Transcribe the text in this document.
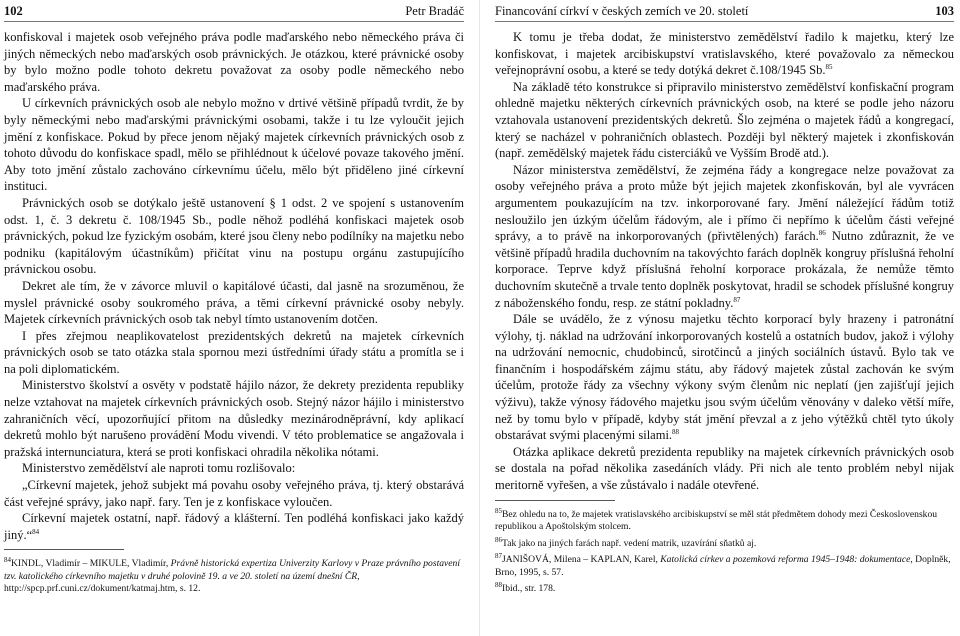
102	Petr Bradáč

konfiskoval i majetek osob veřejného práva podle maďarského nebo německého práva či jiných německých nebo maďarských osob právnických. Je otázkou, které právnické osoby by bylo možno podle tohoto dekretu považovat za osoby podle německého nebo maďarského práva.

U církevních právnických osob ale nebylo možno v drtivé většině případů tvrdit, že by byly německými nebo maďarskými právnickými osobami, takže i tu lze vyloučit jejich jmění z konfiskace. Pokud by přece jenom nějaký majetek církevních právnických osob z tohoto důvodu do konfiskace spadl, mělo se přihlédnout k účelové povaze takového jmění. Aby toto jmění zůstalo zachováno církevnímu účelu, mělo být přiděleno jiné církevní instituci.

Právnických osob se dotýkalo ještě ustanovení § 1 odst. 2 ve spojení s ustanovením odst. 1, č. 3 dekretu č. 108/1945 Sb., podle něhož podléhá konfiskaci majetek osob právnických, pokud lze fyzickým osobám, které jsou členy nebo podílníky na majetku nebo podniku (kapitálovým účastníkům) přičítat vinu na postupu orgánu zastupujícího právnickou osobu.

Dekret ale tím, že v závorce mluvil o kapitálové účasti, dal jasně na srozuměnou, že myslel právnické osoby soukromého práva, a těmi církevní právnické osoby nebyly. Majetek církevních právnických osob tak nebyl tímto ustanovením dotčen.

I přes zřejmou neaplikovatelost prezidentských dekretů na majetek církevních právnických osob se tato otázka stala spornou mezi ústředními úřady státu a promítla se i na poli diplomatickém.

Ministerstvo školství a osvěty v podstatě hájilo názor, že dekrety prezidenta republiky nelze vztahovat na majetek církevních právnických osob. Stejný názor hájilo i ministerstvo zahraničních věcí, upozorňující přitom na důsledky mezinárodněprávní, kdy aplikací dekretů mohlo být narušeno provádění Modu vivendi. V této problematice se angažovala i pražská internunciatura, která se proti konfiskaci ohradila několika nótami.

Ministerstvo zemědělství ale naproti tomu rozlišovalo:

„Církevní majetek, jehož subjekt má povahu osoby veřejného práva, tj. který obstarává část veřejné správy, jako např. fary. Ten je z konfiskace vyloučen.

Církevní majetek ostatní, např. řádový a klášterní. Ten podléhá konfiskaci jako každý jiný.“$^{84}$

$^{84}$KINDL, Vladimír – MIKULE, Vladimír, Právně historická expertiza Univerzity Karlovy v Praze právního postavení tzv. katolického církevního majetku v druhé polovině 19. a ve 20. století na území dnešní ČR, http://spcp.prf.cuni.cz/dokument/katmaj.htm, s. 12.
Financování církví v českých zemích ve 20. století	103

K tomu je třeba dodat, že ministerstvo zemědělství řadilo k majetku, který lze konfiskovat, i majetek arcibiskupství vratislavského, které považovalo za německou veřejnoprávní osobu, a které se tedy dotýká dekret č.108/1945 Sb.$^{85}$

Na základě této konstrukce si připravilo ministerstvo zemědělství konfiskační program ohledně majetku některých církevních právnických osob, na které se podle jeho názoru vztahovala ustanovení prezidentských dekretů. Šlo zejména o majetek řádů a kongregací, který se nacházel v pohraničních oblastech. Později byl některý majetek i zkonfiskován (např. zemědělský majetek řádu cisterciáků ve Vyšším Brodě atd.).

Názor ministerstva zemědělství, že zejména řády a kongregace nelze považovat za osoby veřejného práva a proto může být jejich majetek zkonfiskován, byl ale vyvrácen argumentem poukazujícím na tzv. inkorporované fary. Jmění náležející řádům totiž nesloužilo jen úzkým účelům řádovým, ale i přímo či nepřímo k účelům části veřejné správy, a to právě na inkorporovaných (přivtělených) farách.$^{86}$ Nutno zdůraznit, že ve většině případů hradila duchovním na takovýchto farách doplněk kongruy příslušná řeholní korporace. Teprve když příslušná řeholní korporace prokázala, že nemůže těmto duchovním skutečně a trvale tento doplněk poskytovat, hradil se schodek příslušné kongruy z náboženského fondu, resp. ze státní pokladny.$^{87}$

Dále se uvádělo, že z výnosu majetku těchto korporací byly hrazeny i patronátní výlohy, tj. náklad na udržování inkorporovaných kostelů a ostatních budov, jakož i výlohy na udržování nemocnic, chudobinců, sirotčinců a jiných sociálních ústavů. Bylo tak ve finančním i hospodářském zájmu státu, aby řádový majetek zůstal zachován ke svým účelům, protože řády za všechny výkony svým členům nic neplatí (jen zajišťují jejich výživu), takže výnosy řádového majetku jsou svým účelům věnovány v daleko větší míře, než by tomu bylo v případě, kdyby stát jmění převzal a z jeho výtěžků chtěl tyto úkoly obstarávat svými placenými silami.$^{88}$

Otázka aplikace dekretů prezidenta republiky na majetek církevních právnických osob se dostala na pořad několika zasedáních vlády. Při nich ale tento problém nebyl nijak meritorně vyřešen, a vše zůstávalo i nadále otevřené.

$^{85}$Bez ohledu na to, že majetek vratislavského arcibiskupství se měl stát předmětem dohody mezi Československou republikou a Apoštolským stolcem.
$^{86}$Tak jako na jiných farách např. vedení matrik, uzavírání sňatků aj.
$^{87}$JANIŠOVÁ, Milena – KAPLAN, Karel, Katolická církev a pozemková reforma 1945–1948: dokumentace, Doplněk, Brno, 1995, s. 57.
$^{88}$Ibid., str. 178.
